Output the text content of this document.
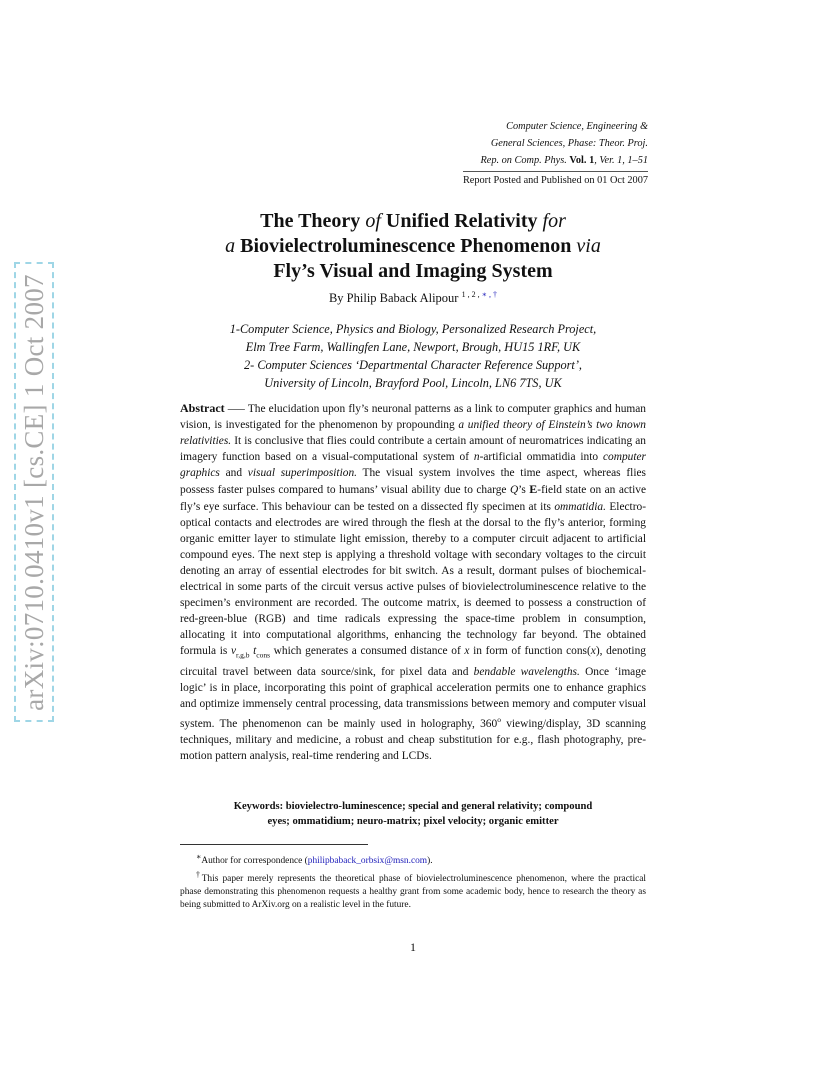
arXiv:0710.0410v1 [cs.CE] 1 Oct 2007
Computer Science, Engineering &
General Sciences, Phase: Theor. Proj.
Rep. on Comp. Phys. Vol. 1, Ver. 1, 1–51
Report Posted and Published on 01 Oct 2007
The Theory of Unified Relativity for
a Biovielectroluminescence Phenomenon via
Fly’s Visual and Imaging System
By Philip Baback Alipour $^{1 , 2 , ∗ , \dagger}$
1-Computer Science, Physics and Biology, Personalized Research Project,
Elm Tree Farm, Wallingfen Lane, Newport, Brough, HU15 1RF, UK
2- Computer Sciences ‘Departmental Character Reference Support’,
University of Lincoln, Brayford Pool, Lincoln, LN6 7TS, UK
Abstract —– The elucidation upon fly’s neuronal patterns as a link to computer graphics and human vision, is investigated for the phenomenon by propounding a unified theory of Einstein’s two known relativities. It is conclusive that flies could contribute a certain amount of neuromatrices indicating an imagery function based on a visual-computational system of n-artificial ommatidia into computer graphics and visual superimposition. The visual system involves the time aspect, whereas flies possess faster pulses compared to humans’ visual ability due to charge Q’s E-field state on an active fly’s eye surface. This behaviour can be tested on a dissected fly specimen at its ommatidia. Electro-optical contacts and electrodes are wired through the flesh at the dorsal to the fly’s anterior, forming organic emitter layer to stimulate light emission, thereby to a computer circuit adjacent to artificial compound eyes. The next step is applying a threshold voltage with secondary voltages to the circuit denoting an array of essential electrodes for bit switch. As a result, dormant pulses of biochemical-electrical in some parts of the circuit versus active pulses of biovielectroluminescence relative to the specimen’s environment are recorded. The outcome matrix, is deemed to possess a construction of red-green-blue (RGB) and time radicals expressing the space-time problem in consumption, allocating it into computational algorithms, enhancing the technology far beyond. The obtained formula is $v_{r,g,b}$ $t_{cons}$ which generates a consumed distance of x in form of function cons(x), denoting circuital travel between data source/sink, for pixel data and bendable wavelengths. Once ‘image logic’ is in place, incorporating this point of graphical acceleration permits one to enhance graphics and optimize immensely central processing, data transmissions between memory and computer visual system. The phenomenon can be mainly used in holography, 360$^o$ viewing/display, 3D scanning techniques, military and medicine, a robust and cheap substitution for e.g., flash photography, pre-motion pattern analysis, real-time rendering and LCDs.
Keywords: biovielectro-luminescence; special and general relativity; compound
eyes; ommatidium; neuro-matrix; pixel velocity; organic emitter

∗Author for correspondence (philipbaback_orbsix@msn.com).

†This paper merely represents the theoretical phase of biovielectroluminescence phenomenon, where the practical phase demonstrating this phenomenon requests a healthy grant from some academic body, hence to research the theory as being submitted to ArXiv.org on a realistic level in the future.

1
